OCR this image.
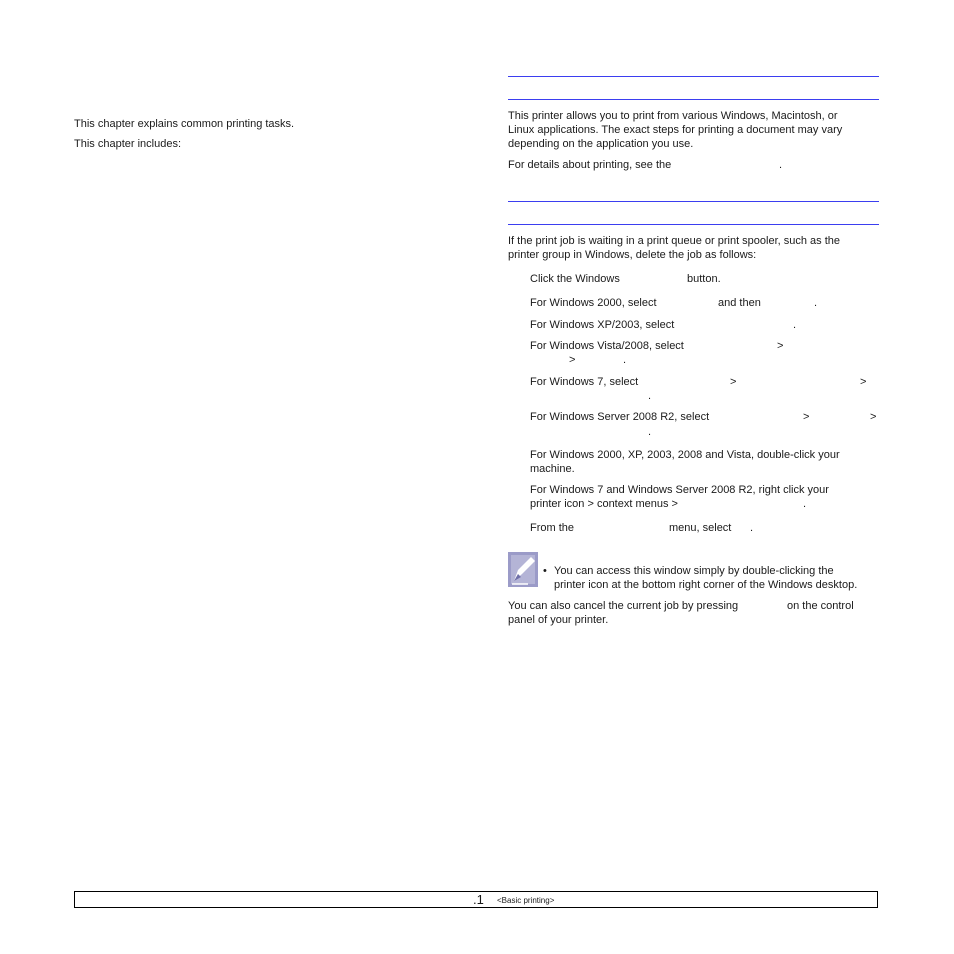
This chapter explains common printing tasks.
This chapter includes:
This printer allows you to print from various Windows, Macintosh, or
Linux applications. The exact steps for printing a document may vary
depending on the application you use.
For details about printing, see the	.
If the print job is waiting in a print queue or print spooler, such as the
printer group in Windows, delete the job as follows:
Click the Windows	button.
For Windows 2000, select	and then	.
For Windows XP/2003, select	.
For Windows Vista/2008, select	>
>	.
For Windows 7, select	>	>
.
For Windows Server 2008 R2, select	>	>
.
For Windows 2000, XP, 2003, 2008 and Vista, double-click your
machine.
For Windows 7 and Windows Server 2008 R2, right click your
printer icon > context menus >	.
From the	menu, select .
• You can access this window simply by double-clicking the
printer icon at the bottom right corner of the Windows desktop.
You can also cancel the current job by pressing	on the control
panel of your printer.
.1 <Basic printing>
